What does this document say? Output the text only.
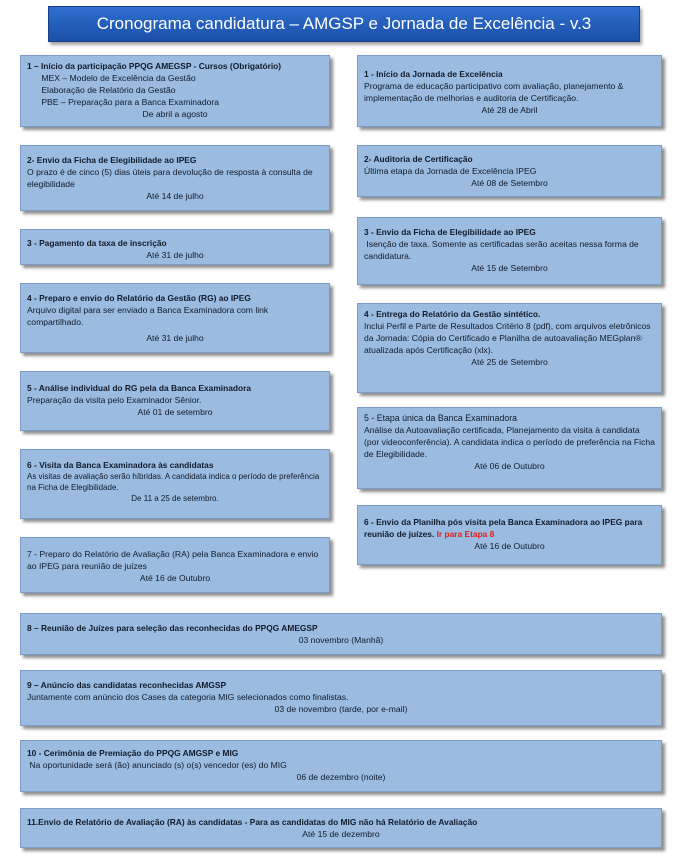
Cronograma candidatura – AMGSP e Jornada de Excelência - v.3
1 – Início da participação PPQG AMEGSP - Cursos (Obrigatório)
MEX – Modelo de Excelência da Gestão
Elaboração de Relatório da Gestão
PBE – Preparação para a Banca Examinadora
De abril a agosto
2- Envio da Ficha de Elegibilidade ao IPEG
O prazo é de cinco (5) dias úteis para devolução de resposta à consulta de elegibilidade
Até 14 de julho
3 - Pagamento da taxa de inscrição
Até 31 de julho
4 - Preparo e envio do Relatório da Gestão (RG) ao IPEG
Arquivo digital para ser enviado a Banca Examinadora com link compartilhado.
Até 31 de julho
5 - Análise individual do RG pela da Banca Examinadora
Preparação da visita pelo Examinador Sênior.
Até 01 de setembro
6 - Visita da Banca Examinadora às candidatas
As visitas de avaliação serão híbridas. A candidata indica o período de preferência na Ficha de Elegibilidade.
De 11 a 25 de setembro.
7 - Preparo do Relatório de Avaliação (RA) pela Banca Examinadora e envio ao IPEG para reunião de juízes
Até 16 de Outubro
1 - Início da Jornada de Excelência
Programa de educação participativo com avaliação, planejamento & implementação de melhorias e auditoria de Certificação.
Até 28 de Abril
2- Auditoria de Certificação
Última etapa da Jornada de Excelência IPEG
Até 08 de Setembro
3 - Envio da Ficha de Elegibilidade ao IPEG
Isenção de taxa. Somente as certificadas serão aceitas nessa forma de candidatura.
Até 15 de Setembro
4 - Entrega do Relatório da Gestão sintético.
Inclui Perfil e Parte de Resultados Critério 8 (pdf), com arquivos eletrônicos da Jornada: Cópia do Certificado e Planilha de autoavaliação MEGplan® atualizada após Certificação (xlx).
Até 25 de Setembro
5 - Etapa única da Banca Examinadora
Análise da Autoavaliação certificada, Planejamento da visita à candidata (por videoconferência). A candidata indica o período de preferência na Ficha de Elegibilidade.
Até 06 de Outubro
6 - Envio da Planilha pós visita pela Banca Examinadora ao IPEG para reunião de juízes. Ir para Etapa 8
Até 16 de Outubro
8 – Reunião de Juízes para seleção das reconhecidas do PPQG AMEGSP
03 novembro (Manhã)
9 – Anúncio das candidatas reconhecidas AMGSP
Juntamente com anúncio dos Cases da categoria MIG selecionados como finalistas.
03 de novembro (tarde, por e-mail)
10 - Cerimônia de Premiação do PPQG AMGSP e MIG
Na oportunidade será (ão) anunciado (s) o(s) vencedor (es) do MIG
06 de dezembro (noite)
11.Envio de Relatório de Avaliação (RA) às candidatas - Para as candidatas do MIG não há Relatório de Avaliação
Até 15 de dezembro
